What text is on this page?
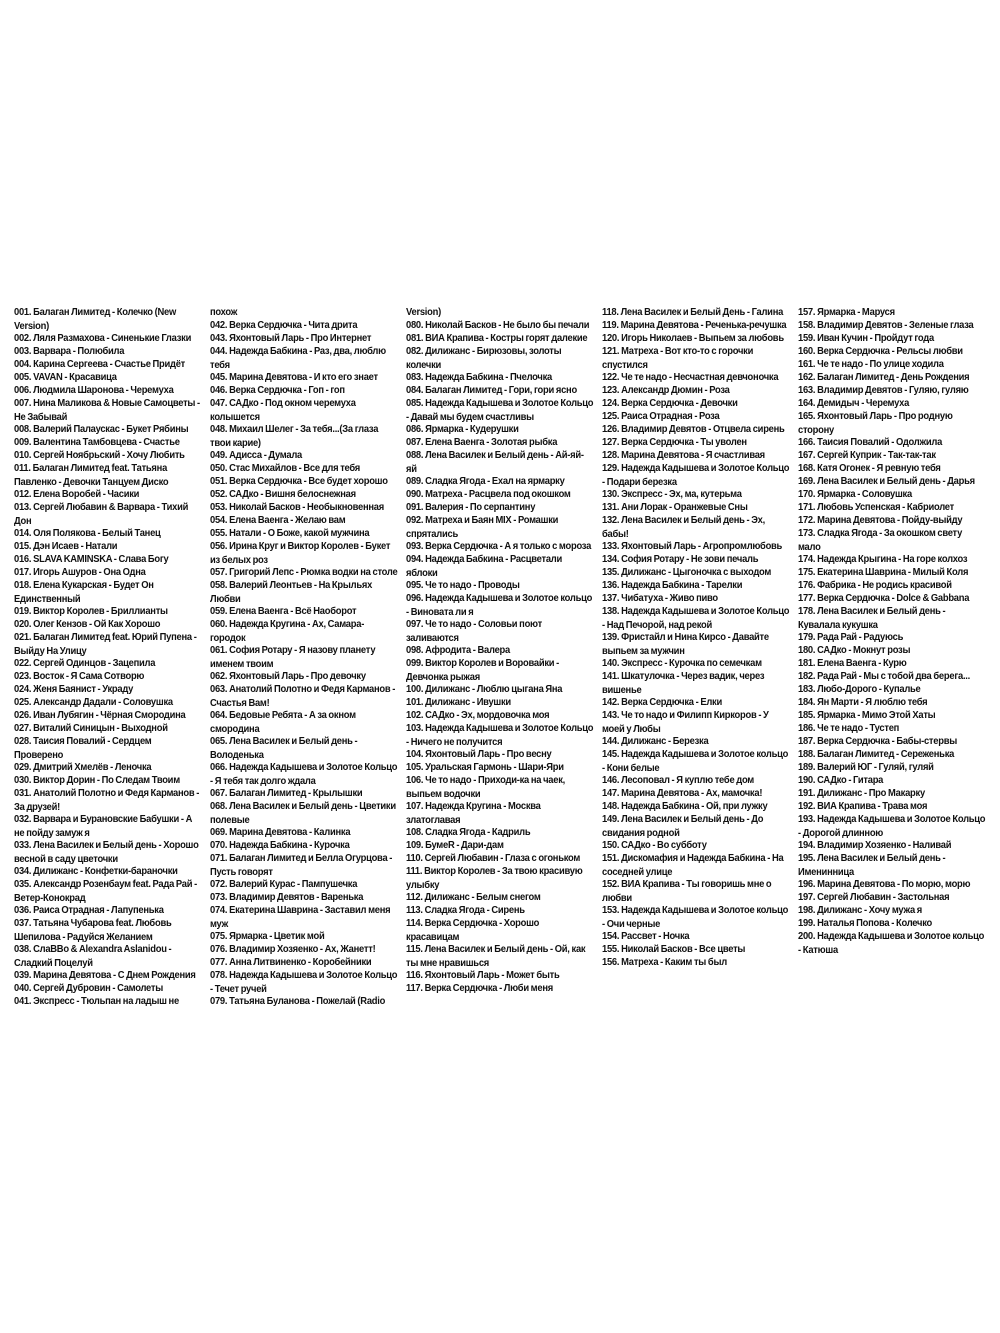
001. Балаган Лимитед - Колечко (New Version)
002. Ляля Размахова - Синенькие Глазки
003. Варвара - Полюбила
004. Карина Сергеева - Счастье Придёт
005. VAVAN - Красавица
006. Людмила Шаронова - Черемуха
007. Нина Маликова & Новые Самоцветы - Не Забывай
008. Валерий Палаускас - Букет Рябины
009. Валентина Тамбовцева - Счастье
010. Сергей Ноябрьский - Хочу Любить
011. Балаган Лимитед feat. Татьяна Павленко - Девочки Танцуем Диско
012. Елена Воробей - Часики
013. Сергей Любавин & Варвара - Тихий Дон
014. Оля Полякова - Белый Танец
015. Дэн Исаев - Натали
016. SLAVA KAMINSKA - Слава Богу
017. Игорь Ашуров - Она Одна
018. Елена Кукарская - Будет Он Единственный
019. Виктор Королев - Бриллианты
020. Олег Кензов - Ой Как Хорошо
021. Балаган Лимитед feat. Юрий Пупена - Выйду На Улицу
022. Сергей Одинцов - Зацепила
023. Восток - Я Сама Сотворю
024. Женя Баянист - Украду
025. Александр Дадали - Соловушка
026. Иван Лубягин - Чёрная Смородина
027. Виталий Синицын - Выходной
028. Таисия Повалий - Сердцем Проверено
029. Дмитрий Хмелёв - Леночка
030. Виктор Дорин - По Следам Твоим
031. Анатолий Полотно и Федя Карманов - За друзей!
032. Варвара и Бурановские Бабушки - А не пойду замуж я
033. Лена Василек и Белый день - Хорошо весной в саду цветочки
034. Дилижанс - Конфетки-бараночки
035. Александр Розенбаум feat. Рада Рай - Ветер-Конокрад
036. Раиса Отрадная - Лапупенька
037. Татьяна Чубарова feat. Любовь Шепилова - Радуйся Желанием
038. СлаВВо & Alexandra Aslanidou - Сладкий Поцелуй
039. Марина Девятова - С Днем Рождения
040. Сергей Дубровин - Самолеты
041. Экспресс - Тюльпан на ладыш не
похож
042. Верка Сердючка - Чита дрита
043. Яхонтовый Ларь - Про Интернет
044. Надежда Бабкина - Раз, два, люблю тебя
045. Марина Девятова - И кто его знает
046. Верка Сердючка - Гоп - гоп
047. САДко - Под окном черемуха колышется
048. Михаил Шелег - За тебя...(За глаза твои карие)
049. Адисса - Думала
050. Стас Михайлов - Все для тебя
051. Верка Сердючка - Все будет хорошо
052. САДко - Вишня белоснежная
053. Николай Басков - Необыкновенная
054. Елена Ваенга - Желаю вам
055. Натали - О Боже, какой мужчина
056. Ирина Круг и Виктор Королев - Букет из белых роз
057. Григорий Лепс - Рюмка водки на столе
058. Валерий Леонтьев - На Крыльях Любви
059. Елена Ваенга - Всё Наоборот
060. Надежда Кругина - Ах, Самара-городок
061. София Ротару - Я назову планету именем твоим
062. Яхонтовый Ларь - Про девочку
063. Анатолий Полотно и Федя Карманов - Счастья Вам!
064. Бедовые Ребята - А за окном смородина
065. Лена Василек и Белый день - Володенька
066. Надежда Кадышева и Золотое Кольцо - Я тебя так долго ждала
067. Балаган Лимитед - Крылышки
068. Лена Василек и Белый день - Цветики полевые
069. Марина Девятова - Калинка
070. Надежда Бабкина - Курочка
071. Балаган Лимитед и Белла Огурцова - Пусть говорят
072. Валерий Курас - Пампушечка
073. Владимир Девятов - Варенька
074. Екатерина Шаврина - Заставил меня муж
075. Ярмарка - Цветик мой
076. Владимир Хозяенко - Ах, Жанетт!
077. Анна Литвиненко - Коробейники
078. Надежда Кадышева и Золотое Кольцо - Течет ручей
079. Татьяна Буланова - Пожелай (Radio
Version)
080. Николай Басков - Не было бы печали
081. ВИА Крапива - Костры горят далекие
082. Дилижанс - Бирюзовы, золоты колечки
083. Надежда Бабкина - Пчелочка
084. Балаган Лимитед - Гори, гори ясно
085. Надежда Кадышева и Золотое Кольцо - Давай мы будем счастливы
086. Ярмарка - Кудерушки
087. Елена Ваенга - Золотая рыбка
088. Лена Василек и Белый день - Ай-яй-яй
089. Сладка Ягода - Ехал на ярмарку
090. Матреха - Расцвела под окошком
091. Валерия - По серпантину
092. Матреха и Баян MIX - Ромашки спрятались
093. Верка Сердючка - А я только с мороза
094. Надежда Бабкина - Расцветали яблоки
095. Че то надо - Проводы
096. Надежда Кадышева и Золотое кольцо - Виновата ли я
097. Че то надо - Соловьи поют заливаются
098. Афродита - Валера
099. Виктор Королев и Воровайки - Девчонка рыжая
100. Дилижанс - Люблю цыгана Яна
101. Дилижанс - Ивушки
102. САДко - Эх, мордовочка моя
103. Надежда Кадышева и Золотое Кольцо - Ничего не получится
104. Яхонтовый Ларь - Про весну
105. Уральская Гармонь - Шари-Яри
106. Че то надо - Приходи-ка на чаек, выпьем водочки
107. Надежда Кругина - Москва златоглавая
108. Сладка Ягода - Кадриль
109. БумеR - Дари-дам
110. Сергей Любавин - Глаза с огоньком
111. Виктор Королев - За твою красивую улыбку
112. Дилижанс - Белым снегом
113. Сладка Ягода - Сирень
114. Верка Сердючка - Хорошо красавицам
115. Лена Василек и Белый день - Ой, как ты мне нравишься
116. Яхонтовый Ларь - Может быть
117. Верка Сердючка - Люби меня
118. Лена Василек и Белый День - Галина
119. Марина Девятова - Реченька-речушка
120. Игорь Николаев - Выпьем за любовь
121. Матреха - Вот кто-то с горочки спустился
122. Че те надо - Несчастная девчоночка
123. Александр Дюмин - Роза
124. Верка Сердючка - Девочки
125. Раиса Отрадная - Роза
126. Владимир Девятов - Отцвела сирень
127. Верка Сердючка - Ты уволен
128. Марина Девятова - Я счастливая
129. Надежда Кадышева и Золотое Кольцо - Подари березка
130. Экспресс - Эх, ма, кутерьма
131. Ани Лорак - Оранжевые Сны
132. Лена Василек и Белый день - Эх, бабы!
133. Яхонтовый Ларь - Агропромлюбовь
134. София Ротару - Не зови печаль
135. Дилижанс - Цыгоночка с выходом
136. Надежда Бабкина - Тарелки
137. Чибатуха - Живо пиво
138. Надежда Кадышева и Золотое Кольцо - Над Печорой, над рекой
139. Фристайл и Нина Кирсо - Давайте выпьем за мужчин
140. Экспресс - Курочка по семечкам
141. Шкатулочка - Через вадик, через вишенье
142. Верка Сердючка - Елки
143. Че то надо и Филипп Киркоров - У моей у Любы
144. Дилижанс - Березка
145. Надежда Кадышева и Золотое кольцо - Кони белые
146. Лесоповал - Я куплю тебе дом
147. Марина Девятова - Ах, мамочка!
148. Надежда Бабкина - Ой, при лужку
149. Лена Василек и Белый день - До свидания родной
150. САДко - Во субботу
151. Дискомафия и Надежда Бабкина - На соседней улице
152. ВИА Крапива - Ты говоришь мне о любви
153. Надежда Кадышева и Золотое кольцо - Очи черные
154. Рассвет - Ночка
155. Николай Басков - Все цветы
156. Матреха - Каким ты был
157. Ярмарка - Маруся
158. Владимир Девятов - Зеленые глаза
159. Иван Кучин - Пройдут года
160. Верка Сердючка - Рельсы любви
161. Че те надо - По улице ходила
162. Балаган Лимитед - День Рождения
163. Владимир Девятов - Гуляю, гуляю
164. Демидыч - Черемуха
165. Яхонтовый Ларь - Про родную сторону
166. Таисия Повалий - Одолжила
167. Сергей Куприк - Так-так-так
168. Катя Огонек - Я ревную тебя
169. Лена Василек и Белый день - Дарья
170. Ярмарка - Соловушка
171. Любовь Успенская - Кабриолет
172. Марина Девятова - Пойду-выйду
173. Сладка Ягода - За окошком свету мало
174. Надежда Крыгина - На горе колхоз
175. Екатерина Шаврина - Милый Коля
176. Фабрика - Не родись красивой
177. Верка Сердючка - Dolce & Gabbana
178. Лена Василек и Белый день - Кувалала кукушка
179. Рада Рай - Радуюсь
180. САДко - Мокнут розы
181. Елена Ваенга - Курю
182. Рада Рай - Мы с тобой два берега...
183. Любо-Дорого - Купалье
184. Ян Марти - Я люблю тебя
185. Ярмарка - Мимо Этой Хаты
186. Че те надо - Тустеп
187. Верка Сердючка - Бабы-стервы
188. Балаган Лимитед - Сереженька
189. Валерий ЮГ - Гуляй, гуляй
190. САДко - Гитара
191. Дилижанс - Про Макарку
192. ВИА Крапива - Трава моя
193. Надежда Кадышева и Золотое Кольцо - Дорогой длинною
194. Владимир Хозяенко - Наливай
195. Лена Василек и Белый день - Именинница
196. Марина Девятова - По морю, морю
197. Сергей Любавин - Застольная
198. Дилижанс - Хочу мужа я
199. Наталья Попова - Колечко
200. Надежда Кадышева и Золотое кольцо - Катюша
